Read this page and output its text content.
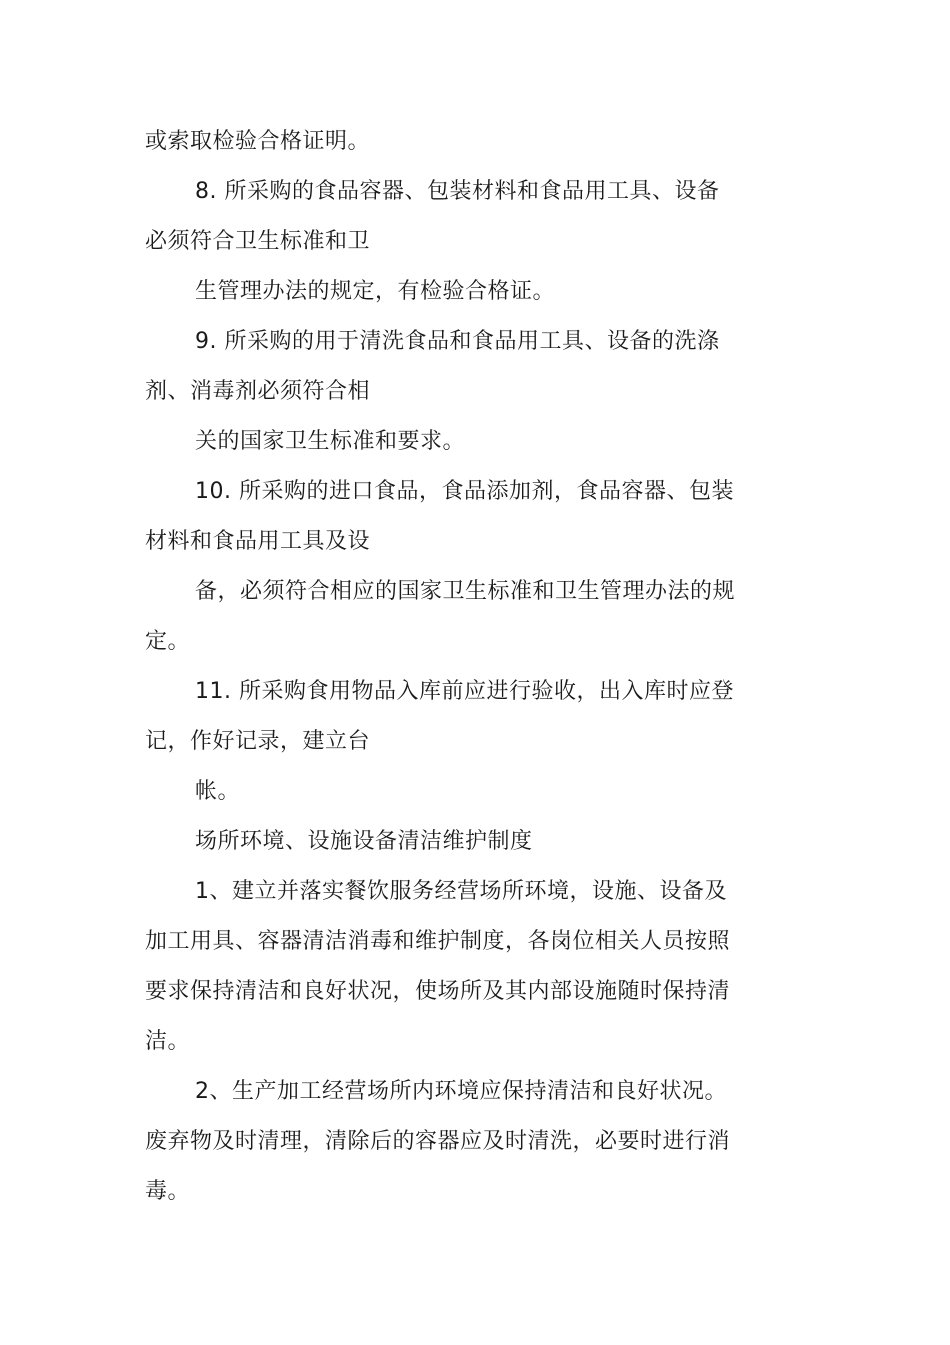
或索取检验合格证明。
8. 所采购的食品容器、包装材料和食品用工具、设备
必须符合卫生标准和卫
生管理办法的规定，有检验合格证。
9. 所采购的用于清洗食品和食品用工具、设备的洗涤
剂、消毒剂必须符合相
关的国家卫生标准和要求。
10. 所采购的进口食品，食品添加剂，食品容器、包装
材料和食品用工具及设
备，必须符合相应的国家卫生标准和卫生管理办法的规
定。
11. 所采购食用物品入库前应进行验收，出入库时应登
记，作好记录，建立台
帐。
场所环境、设施设备清洁维护制度
1、建立并落实餐饮服务经营场所环境，设施、设备及
加工用具、容器清洁消毒和维护制度，各岗位相关人员按照
要求保持清洁和良好状况，使场所及其内部设施随时保持清
洁。
2、生产加工经营场所内环境应保持清洁和良好状况。
废弃物及时清理，清除后的容器应及时清洗，必要时进行消
毒。
